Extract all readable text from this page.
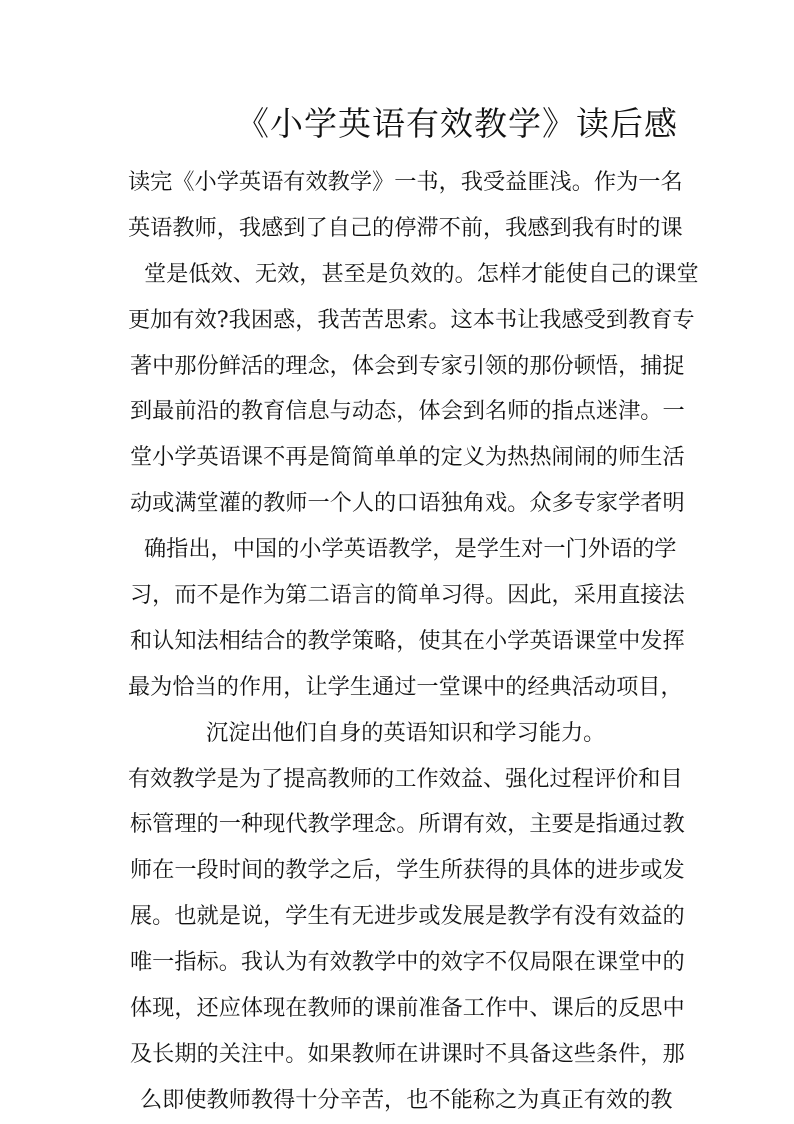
《小学英语有效教学》读后感
读完《小学英语有效教学》一书，我受益匪浅。作为一名
英语教师，我感到了自己的停滞不前，我感到我有时的课
堂是低效、无效，甚至是负效的。怎样才能使自己的课堂
更加有效?我困惑，我苦苦思索。这本书让我感受到教育专
著中那份鲜活的理念，体会到专家引领的那份顿悟，捕捉
到最前沿的教育信息与动态，体会到名师的指点迷津。一
堂小学英语课不再是简简单单的定义为热热闹闹的师生活
动或满堂灌的教师一个人的口语独角戏。众多专家学者明
确指出，中国的小学英语教学，是学生对一门外语的学
习，而不是作为第二语言的简单习得。因此，采用直接法
和认知法相结合的教学策略，使其在小学英语课堂中发挥
最为恰当的作用，让学生通过一堂课中的经典活动项目，
沉淀出他们自身的英语知识和学习能力。
有效教学是为了提高教师的工作效益、强化过程评价和目
标管理的一种现代教学理念。所谓有效，主要是指通过教
师在一段时间的教学之后，学生所获得的具体的进步或发
展。也就是说，学生有无进步或发展是教学有没有效益的
唯一指标。我认为有效教学中的效字不仅局限在课堂中的
体现，还应体现在教师的课前准备工作中、课后的反思中
及长期的关注中。如果教师在讲课时不具备这些条件，那
么即使教师教得十分辛苦，也不能称之为真正有效的教
